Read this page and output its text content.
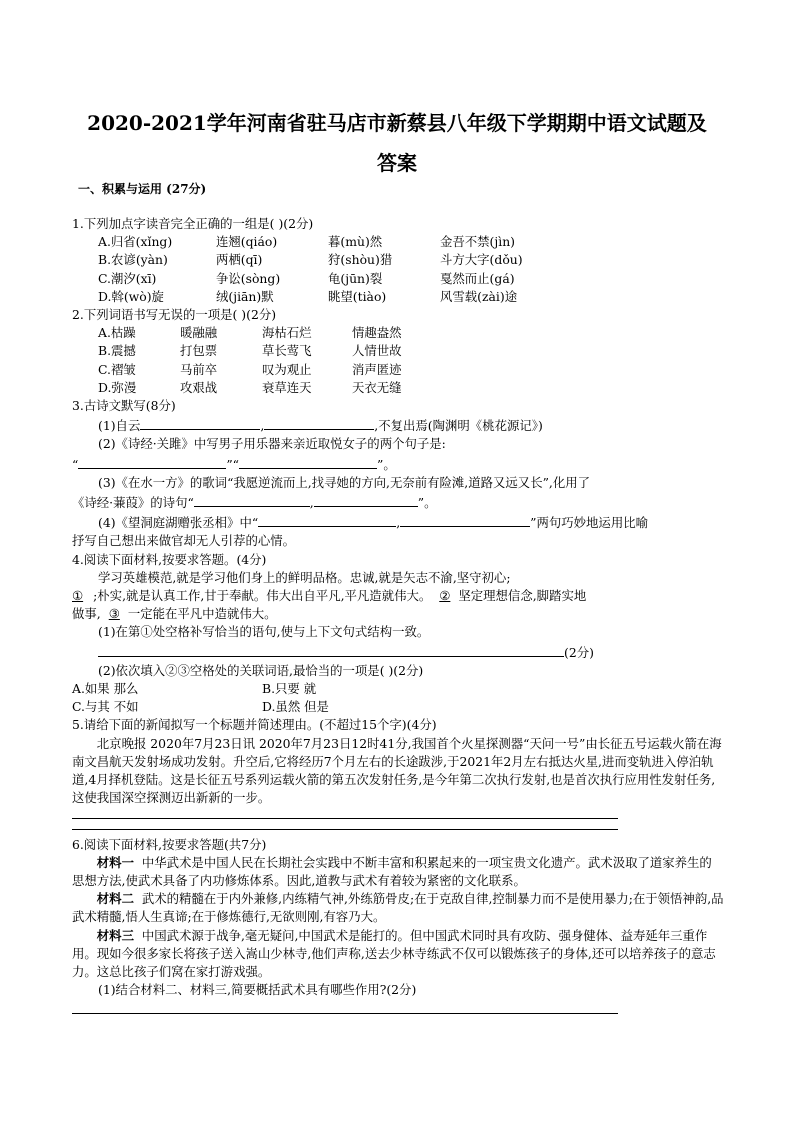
2020-2021学年河南省驻马店市新蔡县八年级下学期期中语文试题及
答案
一、积累与运用 (27分)
1.下列加点字读音完全正确的一组是( )(2分)
A.归省(xǐng)	连翘(qiáo)	暮(mù)然	金吾不禁(jìn)
B.农谚(yàn)	两栖(qī)	狩(shòu)猎	斗方大字(dǒu)
C.潮汐(xī)	争讼(sòng)	龟(jūn)裂	戛然而止(gá)
D.斡(wò)旋	绒(jiān)默	眺望(tiào)	风雪载(zài)途
2.下列词语书写无误的一项是( )(2分)
A.枯躁	暖融融	海枯石烂	情趣盎然
B.震撼	打包票	草长莺飞	人情世故
C.褶皱	马前卒	叹为观止	消声匿迹
D.弥漫	攻艰战	衰草连天	天衣无缝
3.古诗文默写(8分)
(1)自云	,	,不复出焉(陶渊明《桃花源记》)
(2)《诗经·关雎》中写男子用乐器来亲近取悦女子的两个句子是:
“	”“	”。
(3)《在水一方》的歌词“我愿逆流而上,找寻她的方向,无奈前有险滩,道路又远又长”,化用了
《诗经·蒹葭》的诗句“	,	”。
(4)《望洞庭湖赠张丞相》中“	,	”两句巧妙地运用比喻
抒写自己想出来做官却无人引荐的心情。
4.阅读下面材料,按要求答题。(4分)
学习英雄模范,就是学习他们身上的鲜明品格。忠诚,就是矢志不渝,坚守初心;
① ;朴实,就是认真工作,甘于奉献。伟大出自平凡,平凡造就伟大。 ② 坚定理想信念,脚踏实地
做事, ③ 一定能在平凡中造就伟大。
(1)在第①处空格补写恰当的语句,使与上下文句式结构一致。
(2分)
(2)依次填入②③空格处的关联词语,最恰当的一项是( )(2分)
A.如果 那么	B.只要 就
C.与其 不如	D.虽然 但是
5.请给下面的新闻拟写一个标题并简述理由。(不超过15个字)(4分)
北京晚报 2020年7月23日讯 2020年7月23日12时41分,我国首个火星探测器“天问一号”由长征五号运载火箭在海南文昌航天发射场成功发射。升空后,它将经历7个月左右的长途跋涉,于2021年2月左右抵达火星,进而变轨进入停泊轨道,4月择机登陆。这是长征五号系列运载火箭的第五次发射任务,是今年第二次执行发射,也是首次执行应用性发射任务,这使我国深空探测迈出新新的一步。
6.阅读下面材料,按要求答题(共7分)
材料一 中华武术是中国人民在长期社会实践中不断丰富和积累起来的一项宝贵文化遗产。武术汲取了道家养生的思想方法,使武术具备了内功修炼体系。因此,道教与武术有着较为紧密的文化联系。
材料二 武术的精髓在于内外兼修,内练精气神,外练筋骨皮;在于克敌自律,控制暴力而不是使用暴力;在于领悟神韵,品武术精髓,悟人生真谛;在于修炼德行,无欲则刚,有容乃大。
材料三 中国武术源于战争,毫无疑问,中国武术是能打的。但中国武术同时具有攻防、强身健体、益寿延年三重作用。现如今很多家长将孩子送入嵩山少林寺,他们声称,送去少林寺练武不仅可以锻炼孩子的身体,还可以培养孩子的意志力。这总比孩子们窝在家打游戏强。
(1)结合材料二、材料三,简要概括武术具有哪些作用?(2分)
